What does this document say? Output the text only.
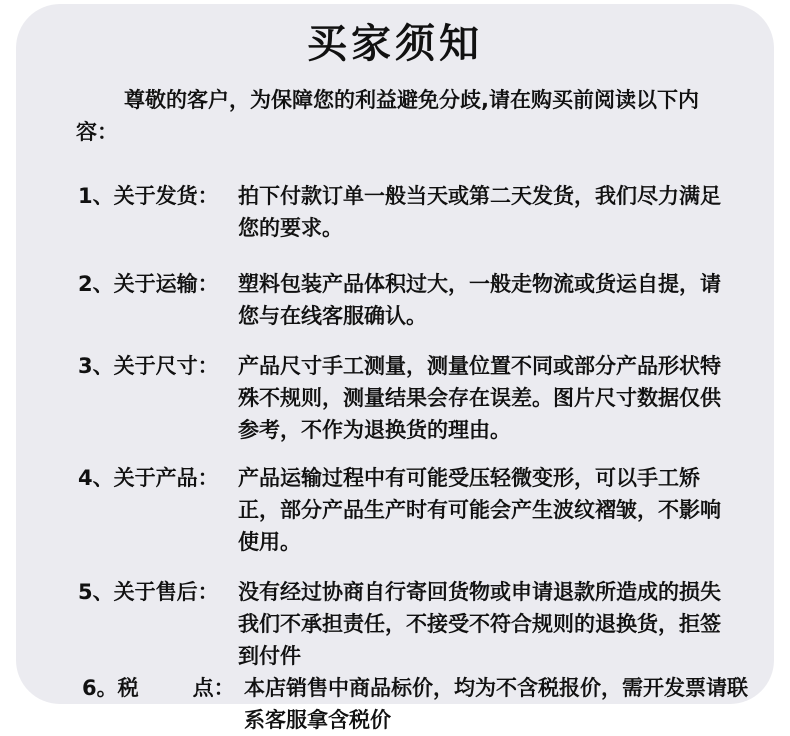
买家须知
尊敬的客户，为保障您的利益避免分歧,请在购买前阅读以下内容：
1、关于发货： 拍下付款订单一般当天或第二天发货，我们尽力满足您的要求。
2、关于运输： 塑料包装产品体积过大，一般走物流或货运自提，请您与在线客服确认。
3、关于尺寸： 产品尺寸手工测量，测量位置不同或部分产品形状特殊不规则，测量结果会存在误差。图片尺寸数据仅供参考，不作为退换货的理由。
4、关于产品： 产品运输过程中有可能受压轻微变形，可以手工矫正，部分产品生产时有可能会产生波纹褶皱，不影响使用。
5、关于售后： 没有经过协商自行寄回货物或申请退款所造成的损失我们不承担责任，不接受不符合规则的退换货，拒签到付件
6。税	点： 本店销售中商品标价，均为不含税报价，需开发票请联系客服拿含税价
